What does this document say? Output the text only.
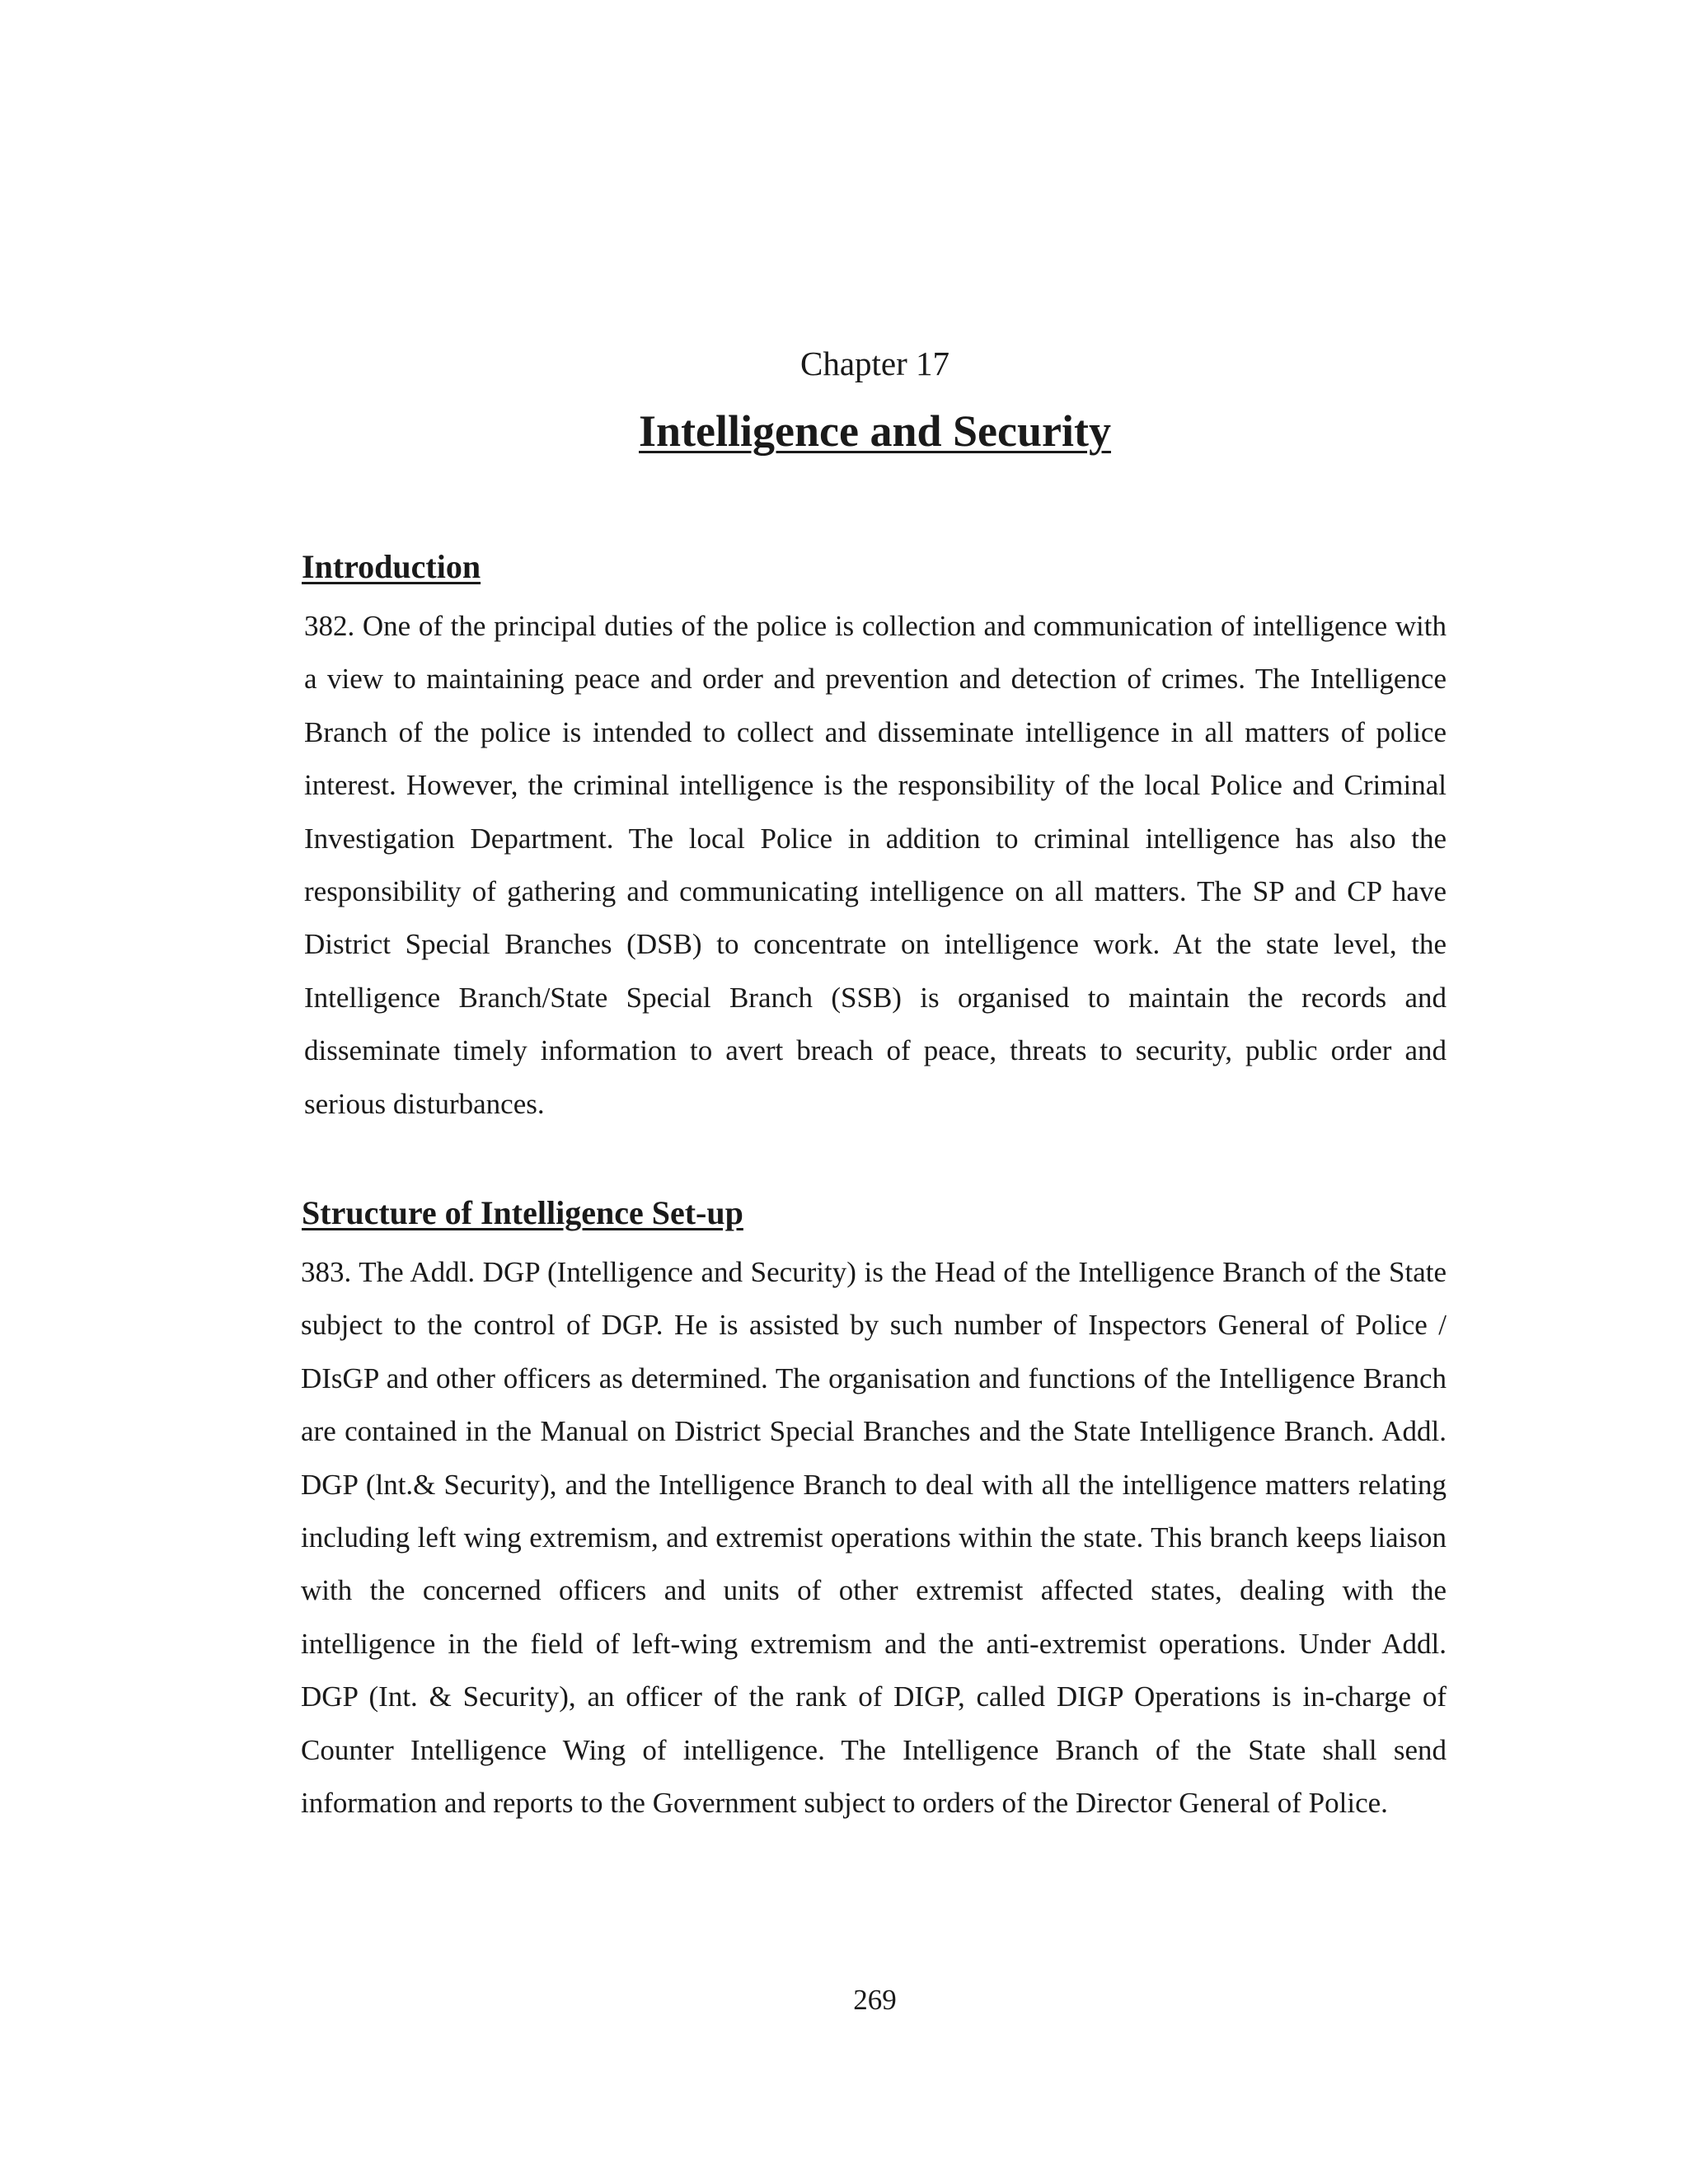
Chapter 17
Intelligence and Security
Introduction

382. One of the principal duties of the police is collection and communication of intelligence with a view to maintaining peace and order and prevention and detection of crimes. The Intelligence Branch of the police is intended to collect and disseminate intelligence in all matters of police interest. However, the criminal intelligence is the responsibility of the local Police and Criminal Investigation Department. The local Police in addition to criminal intelligence has also the responsibility of gathering and communicating intelligence on all matters. The SP and CP have District Special Branches (DSB) to concentrate on intelligence work. At the state level, the Intelligence Branch/State Special Branch (SSB) is organised to maintain the records and disseminate timely information to avert breach of peace, threats to security, public order and serious disturbances.

Structure of Intelligence Set-up

383. The Addl. DGP (Intelligence and Security) is the Head of the Intelligence Branch of the State subject to the control of DGP. He is assisted by such number of Inspectors General of Police / DIsGP and other officers as determined. The organisation and functions of the Intelligence Branch are contained in the Manual on District Special Branches and the State Intelligence Branch. Addl. DGP (lnt.& Security), and the Intelligence Branch to deal with all the intelligence matters relating including left wing extremism, and extremist operations within the state. This branch keeps liaison with the concerned officers and units of other extremist affected states, dealing with the intelligence in the field of left-wing extremism and the anti-extremist operations. Under Addl. DGP (Int. & Security), an officer of the rank of DIGP, called DIGP Operations is in-charge of Counter Intelligence Wing of intelligence. The Intelligence Branch of the State shall send information and reports to the Government subject to orders of the Director General of Police.

269
